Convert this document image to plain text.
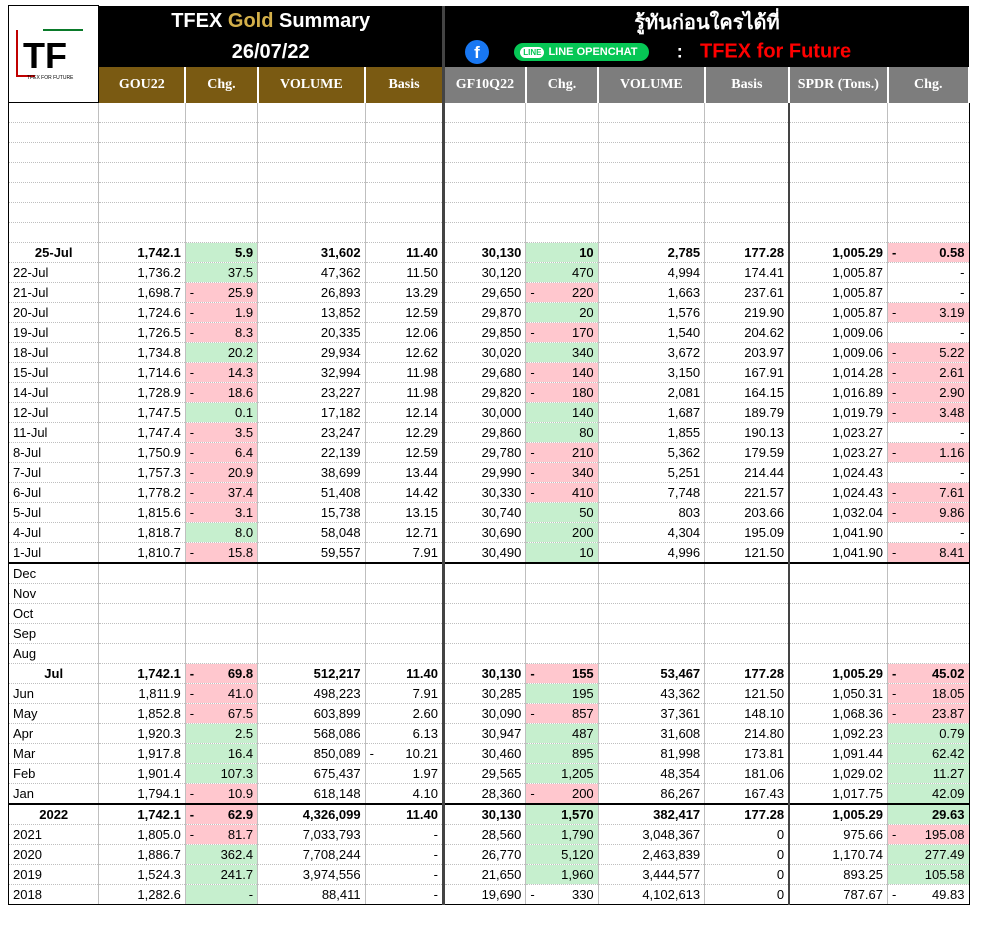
TF
TFEX FOR FUTURE	TFEX Gold Summary				รู้ทันก่อนใครได้ที่					
	26/07/22				f LINE LINE OPENCHAT : TFEX for Future					
	GOU22	Chg.	VOLUME	Basis	GF10Q22	Chg.	VOLUME	Basis	SPDR (Tons.)	Chg.

25-Jul	1,742.1	5.9	31,602	11.40	30,130	10	2,785	177.28	1,005.29	- 0.58
22-Jul	1,736.2	37.5	47,362	11.50	30,120	470	4,994	174.41	1,005.87	-
21-Jul	1,698.7	- 25.9	26,893	13.29	29,650	- 220	1,663	237.61	1,005.87	-
20-Jul	1,724.6	- 1.9	13,852	12.59	29,870	20	1,576	219.90	1,005.87	- 3.19
19-Jul	1,726.5	- 8.3	20,335	12.06	29,850	- 170	1,540	204.62	1,009.06	-
18-Jul	1,734.8	20.2	29,934	12.62	30,020	340	3,672	203.97	1,009.06	- 5.22
15-Jul	1,714.6	- 14.3	32,994	11.98	29,680	- 140	3,150	167.91	1,014.28	- 2.61
14-Jul	1,728.9	- 18.6	23,227	11.98	29,820	- 180	2,081	164.15	1,016.89	- 2.90
12-Jul	1,747.5	0.1	17,182	12.14	30,000	140	1,687	189.79	1,019.79	- 3.48
11-Jul	1,747.4	- 3.5	23,247	12.29	29,860	80	1,855	190.13	1,023.27	-
8-Jul	1,750.9	- 6.4	22,139	12.59	29,780	- 210	5,362	179.59	1,023.27	- 1.16
7-Jul	1,757.3	- 20.9	38,699	13.44	29,990	- 340	5,251	214.44	1,024.43	-
6-Jul	1,778.2	- 37.4	51,408	14.42	30,330	- 410	7,748	221.57	1,024.43	- 7.61
5-Jul	1,815.6	- 3.1	15,738	13.15	30,740	50	803	203.66	1,032.04	- 9.86
4-Jul	1,818.7	8.0	58,048	12.71	30,690	200	4,304	195.09	1,041.90	-
1-Jul	1,810.7	- 15.8	59,557	7.91	30,490	10	4,996	121.50	1,041.90	- 8.41
Dec										
Nov										
Oct										
Sep										
Aug										
Jul	1,742.1	- 69.8	512,217	11.40	30,130	- 155	53,467	177.28	1,005.29	- 45.02
Jun	1,811.9	- 41.0	498,223	7.91	30,285	195	43,362	121.50	1,050.31	- 18.05
May	1,852.8	- 67.5	603,899	2.60	30,090	- 857	37,361	148.10	1,068.36	- 23.87
Apr	1,920.3	2.5	568,086	6.13	30,947	487	31,608	214.80	1,092.23	0.79
Mar	1,917.8	16.4	850,089	- 10.21	30,460	895	81,998	173.81	1,091.44	62.42
Feb	1,901.4	107.3	675,437	1.97	29,565	1,205	48,354	181.06	1,029.02	11.27
Jan	1,794.1	- 10.9	618,148	4.10	28,360	- 200	86,267	167.43	1,017.75	42.09
2022	1,742.1	- 62.9	4,326,099	11.40	30,130	1,570	382,417	177.28	1,005.29	29.63
2021	1,805.0	- 81.7	7,033,793	-	28,560	1,790	3,048,367	0	975.66	- 195.08
2020	1,886.7	362.4	7,708,244	-	26,770	5,120	2,463,839	0	1,170.74	277.49
2019	1,524.3	241.7	3,974,556	-	21,650	1,960	3,444,577	0	893.25	105.58
2018	1,282.6	-	88,411	-	19,690	- 330	4,102,613	0	787.67	- 49.83
